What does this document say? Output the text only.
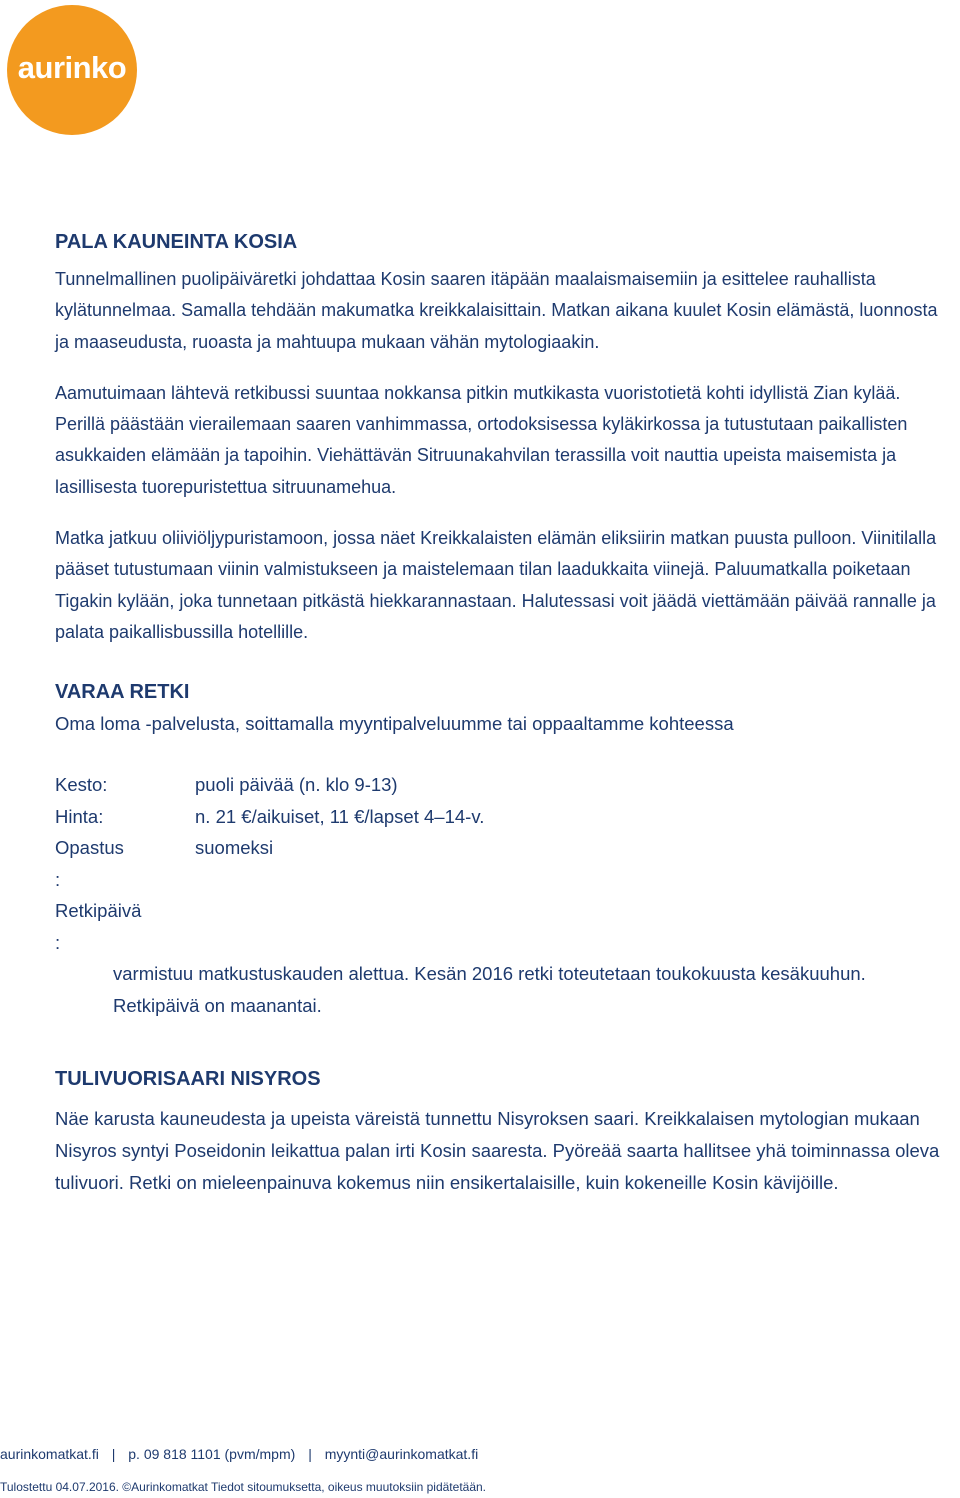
aurinko
PALA KAUNEINTA KOSIA

Tunnelmallinen puolipäiväretki johdattaa Kosin saaren itäpään maalaismaisemiin ja esittelee rauhallista kylätunnelmaa. Samalla tehdään makumatka kreikkalaisittain. Matkan aikana kuulet Kosin elämästä, luonnosta ja maaseudusta, ruoasta ja mahtuupa mukaan vähän mytologiaakin.

Aamutuimaan lähtevä retkibussi suuntaa nokkansa pitkin mutkikasta vuoristotietä kohti idyllistä Zian kylää. Perillä päästään vierailemaan saaren vanhimmassa, ortodoksisessa kyläkirkossa ja tutustutaan paikallisten asukkaiden elämään ja tapoihin. Viehättävän Sitruunakahvilan terassilla voit nauttia upeista maisemista ja lasillisesta tuorepuristettua sitruunamehua.

Matka jatkuu oliiviöljypuristamoon, jossa näet Kreikkalaisten elämän eliksiirin matkan puusta pulloon. Viinitilalla pääset tutustumaan viinin valmistukseen ja maistelemaan tilan laadukkaita viinejä. Paluumatkalla poiketaan Tigakin kylään, joka tunnetaan pitkästä hiekkarannastaan. Halutessasi voit jäädä viettämään päivää rannalle ja palata paikallisbussilla hotellille.

VARAA RETKI

Oma loma -palvelusta, soittamalla myyntipalveluumme tai oppaaltamme kohteessa

Kesto:	puoli päivää (n. klo 9-13)
Hinta:	n. 21 €/aikuiset, 11 €/lapset 4–14-v.
Opastus
:
suomeksi
Retkipäivä
:

varmistuu matkustuskauden alettua. Kesän 2016 retki toteutetaan toukokuusta kesäkuuhun. Retkipäivä on maanantai.

TULIVUORISAARI NISYROS

Näe karusta kauneudesta ja upeista väreistä tunnettu Nisyroksen saari. Kreikkalaisen mytologian mukaan Nisyros syntyi Poseidonin leikattua palan irti Kosin saaresta. Pyöreää saarta hallitsee yhä toiminnassa oleva tulivuori. Retki on mieleenpainuva kokemus niin ensikertalaisille, kuin kokeneille Kosin kävijöille.

aurinkomatkat.fi | p. 09 818 1101 (pvm/mpm) | myynti@aurinkomatkat.fi
Tulostettu 04.07.2016. ©Aurinkomatkat Tiedot sitoumuksetta, oikeus muutoksiin pidätetään.
